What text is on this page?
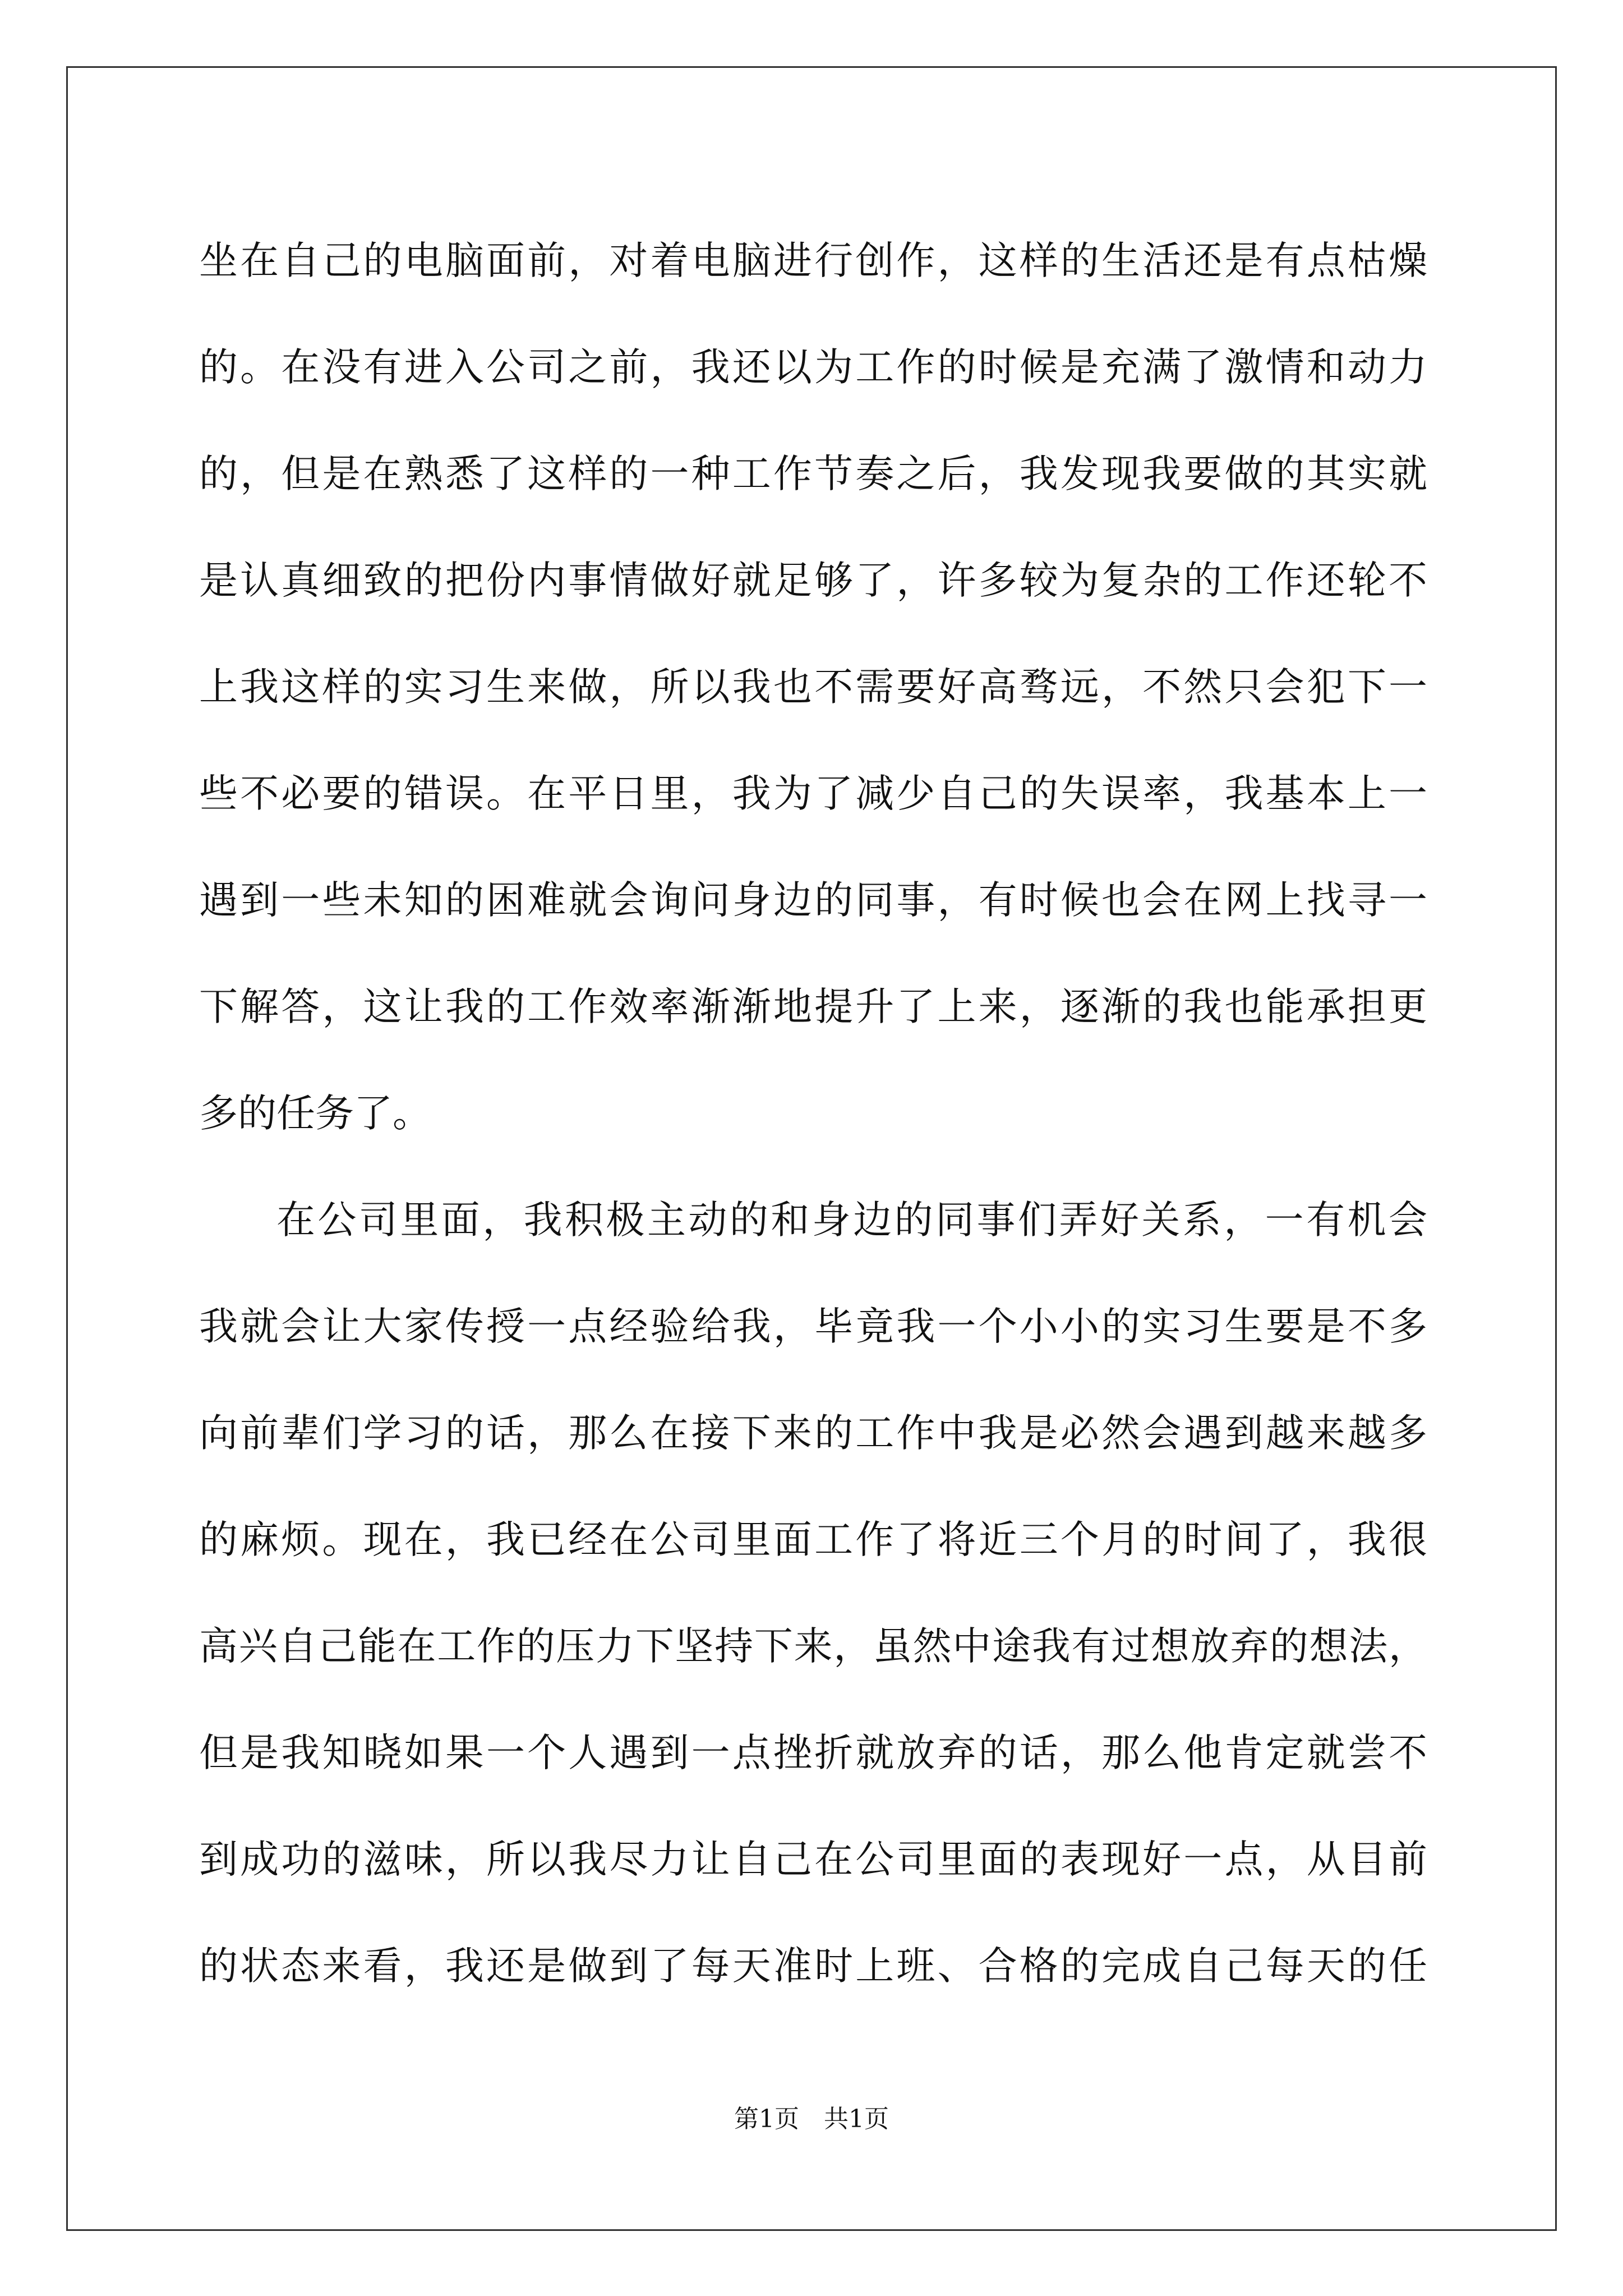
坐在自己的电脑面前，对着电脑进行创作，这样的生活还是有点枯燥
的。在没有进入公司之前，我还以为工作的时候是充满了激情和动力
的，但是在熟悉了这样的一种工作节奏之后，我发现我要做的其实就
是认真细致的把份内事情做好就足够了，许多较为复杂的工作还轮不
上我这样的实习生来做，所以我也不需要好高骛远，不然只会犯下一
些不必要的错误。在平日里，我为了减少自己的失误率，我基本上一
遇到一些未知的困难就会询问身边的同事，有时候也会在网上找寻一
下解答，这让我的工作效率渐渐地提升了上来，逐渐的我也能承担更
多的任务了。
在公司里面，我积极主动的和身边的同事们弄好关系，一有机会
我就会让大家传授一点经验给我，毕竟我一个小小的实习生要是不多
向前辈们学习的话，那么在接下来的工作中我是必然会遇到越来越多
的麻烦。现在，我已经在公司里面工作了将近三个月的时间了，我很
高兴自己能在工作的压力下坚持下来，虽然中途我有过想放弃的想法，
但是我知晓如果一个人遇到一点挫折就放弃的话，那么他肯定就尝不
到成功的滋味，所以我尽力让自己在公司里面的表现好一点，从目前
的状态来看，我还是做到了每天准时上班、合格的完成自己每天的任
第1页　共1页
